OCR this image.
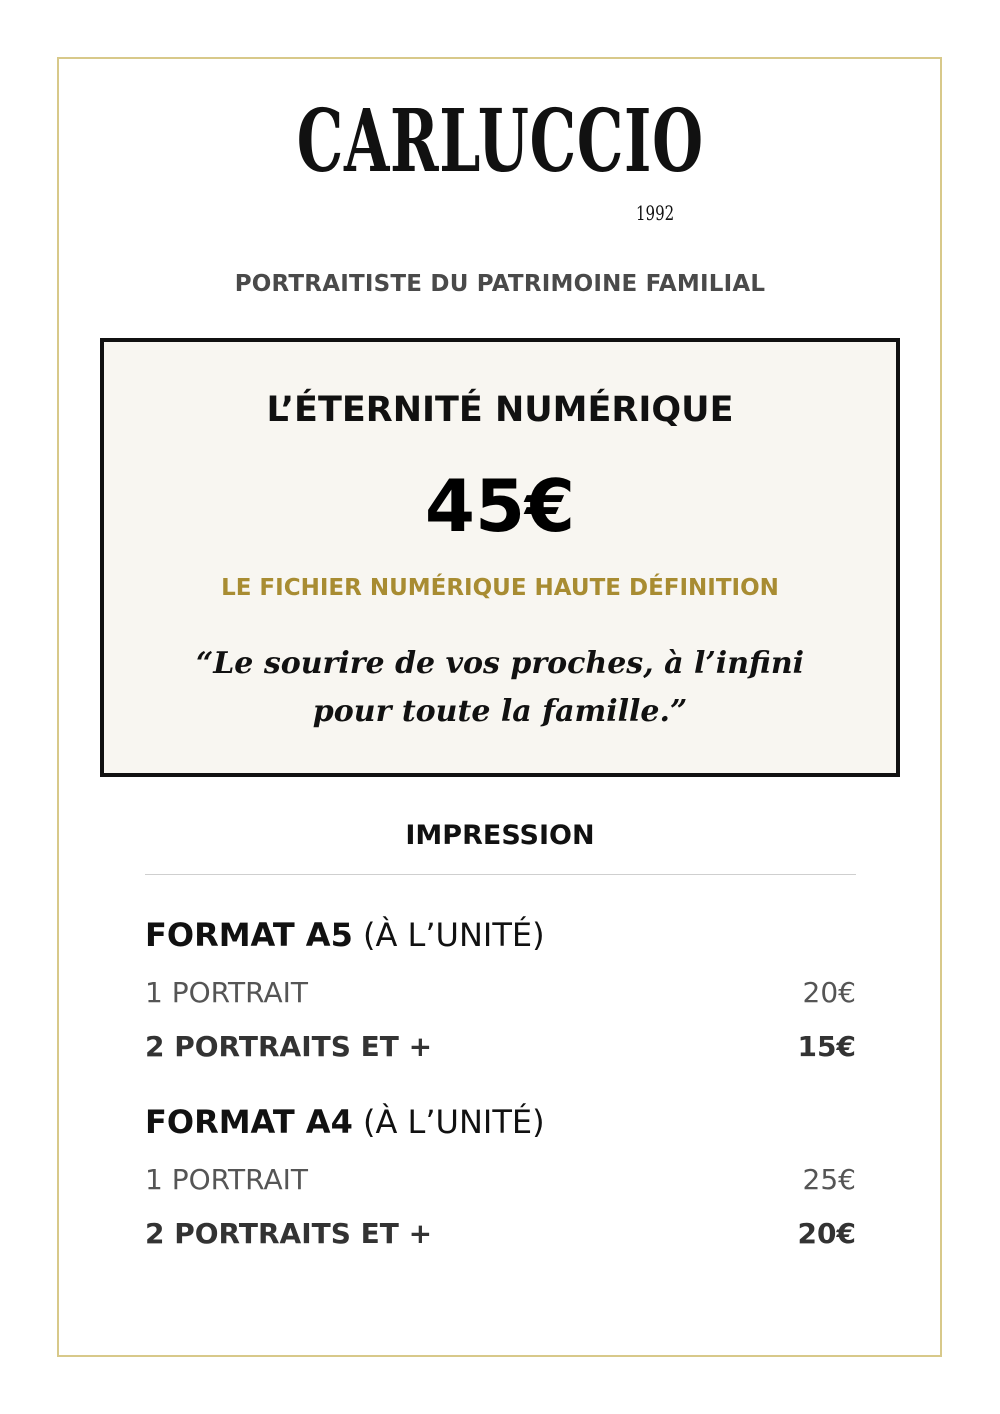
CARLUCCIO
1992
PORTRAITISTE DU PATRIMOINE FAMILIAL
L’ÉTERNITÉ NUMÉRIQUE
45€
LE FICHIER NUMÉRIQUE HAUTE DÉFINITION
“Le sourire de vos proches, à l’infini pour toute la famille.”
IMPRESSION
FORMAT A5 (À L’UNITÉ)
1 PORTRAIT	20€
2 PORTRAITS ET +	15€
FORMAT A4 (À L’UNITÉ)
1 PORTRAIT	25€
2 PORTRAITS ET +	20€
